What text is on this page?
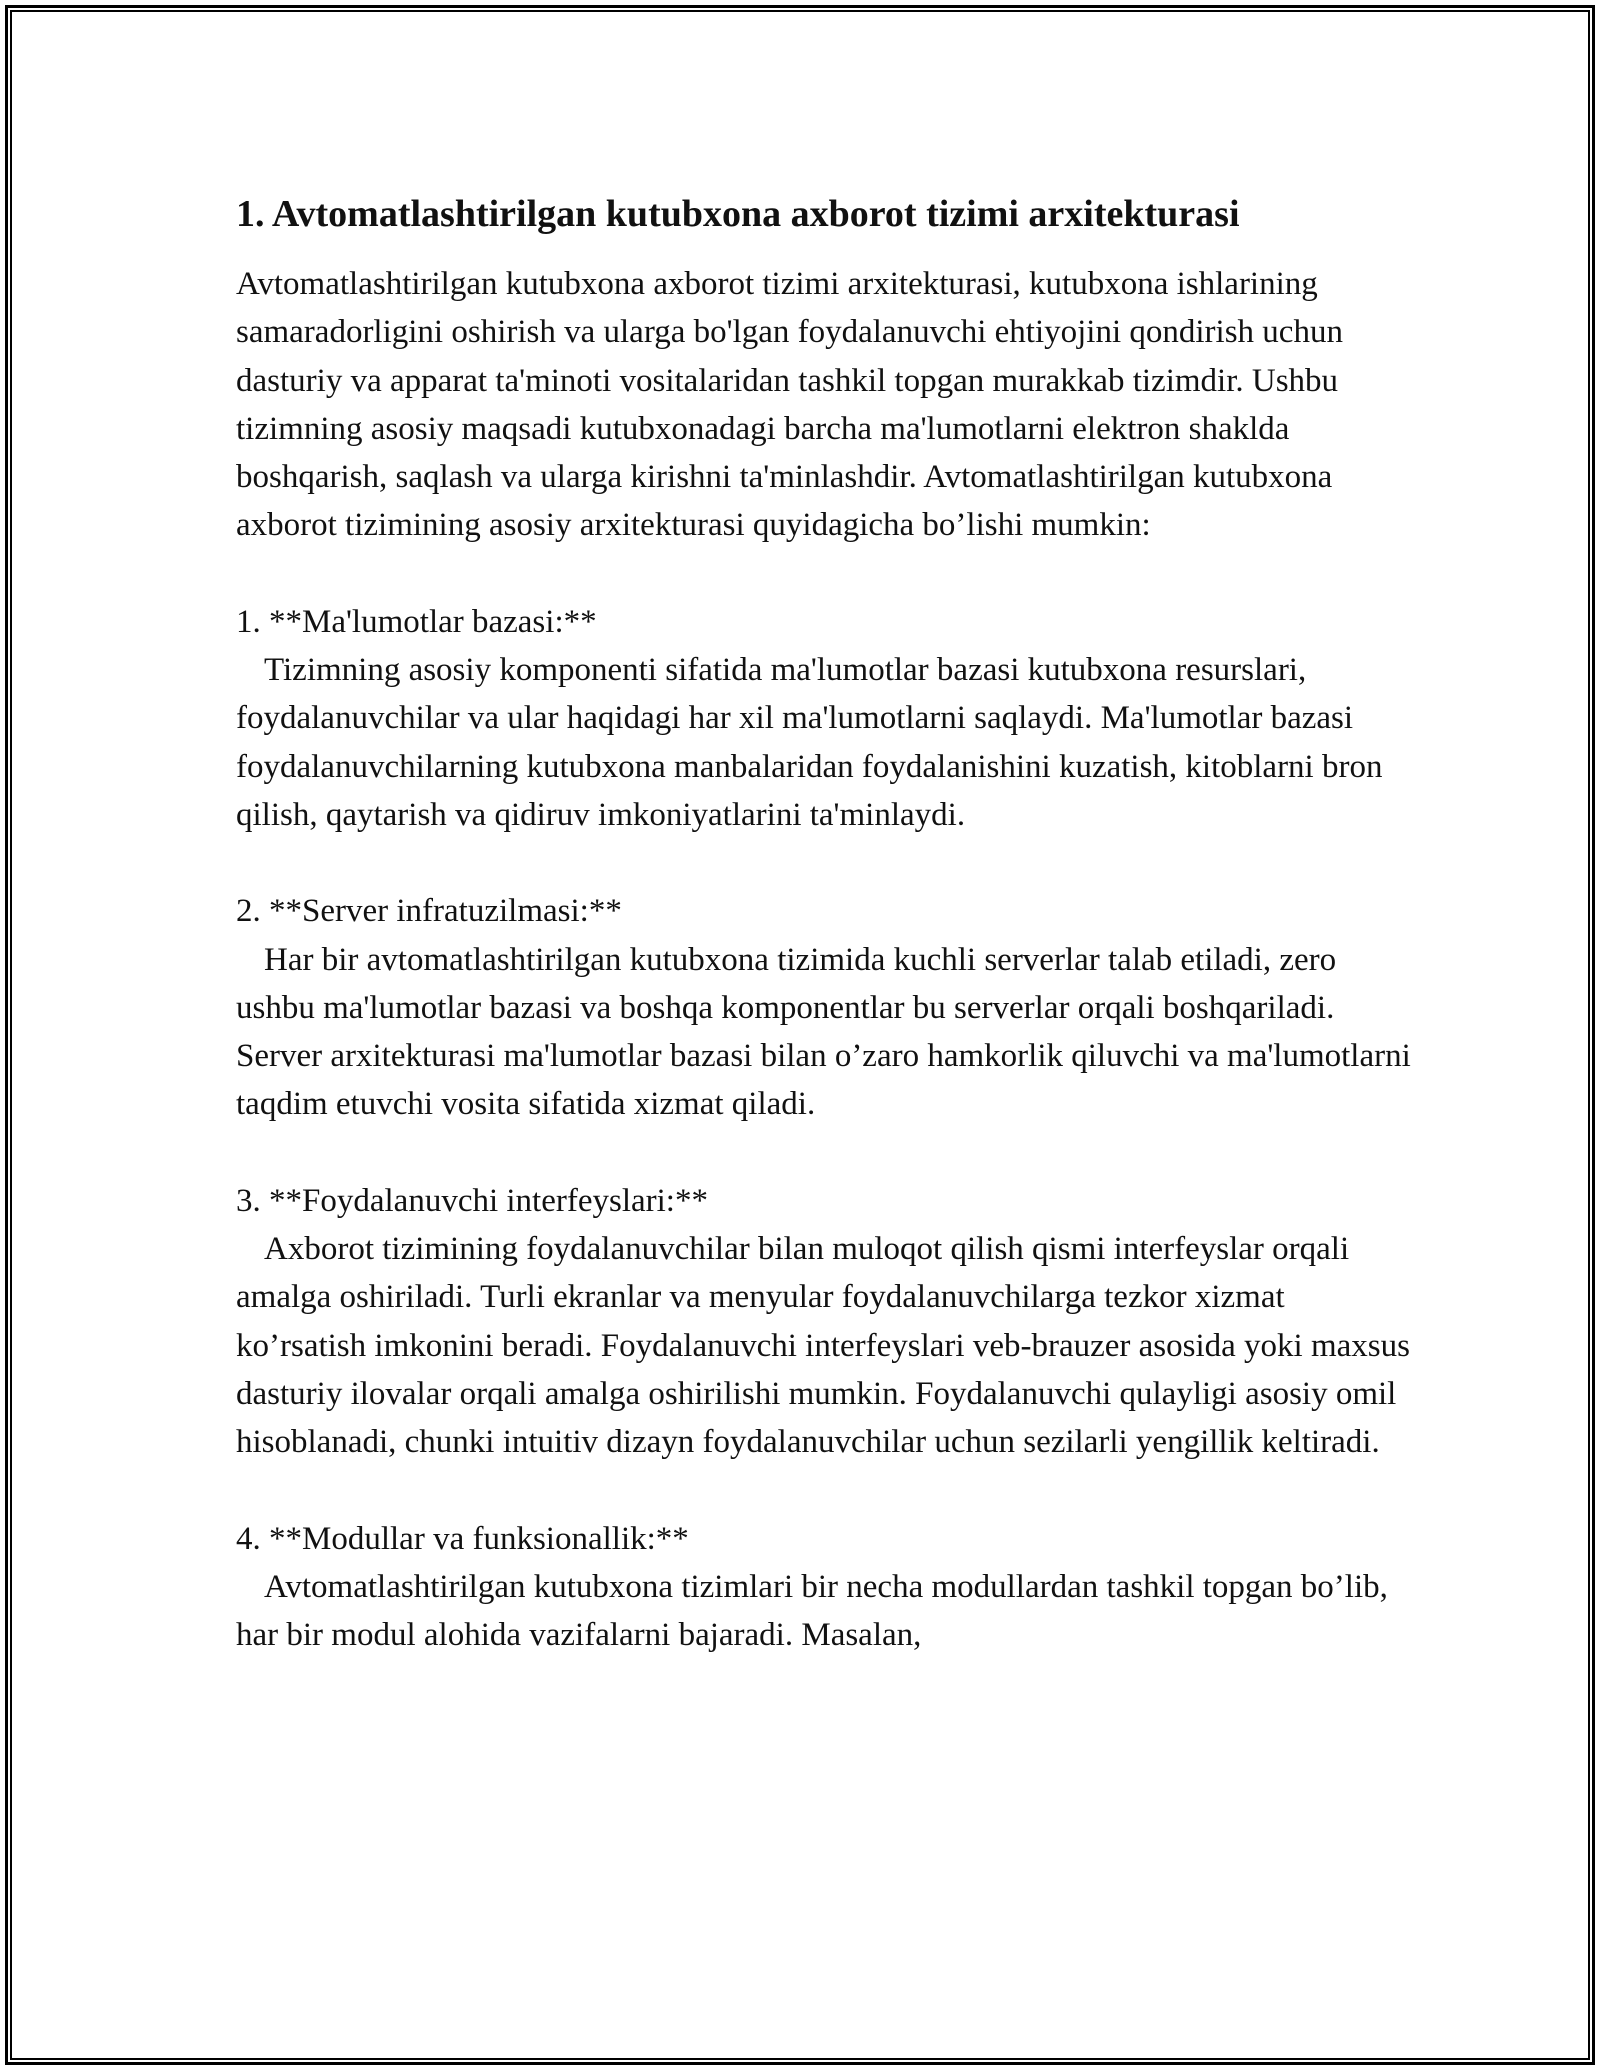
1. Avtomatlashtirilgan kutubxona axborot tizimi arxitekturasi

Avtomatlashtirilgan kutubxona axborot tizimi arxitekturasi, kutubxona ishlarining samaradorligini oshirish va ularga bo'lgan foydalanuvchi ehtiyojini qondirish uchun dasturiy va apparat ta'minoti vositalaridan tashkil topgan murakkab tizimdir. Ushbu tizimning asosiy maqsadi kutubxonadagi barcha ma'lumotlarni elektron shaklda boshqarish, saqlash va ularga kirishni ta'minlashdir. Avtomatlashtirilgan kutubxona axborot tizimining asosiy arxitekturasi quyidagicha bo’lishi mumkin:

1. **Ma'lumotlar bazasi:**

Tizimning asosiy komponenti sifatida ma'lumotlar bazasi kutubxona resurslari, foydalanuvchilar va ular haqidagi har xil ma'lumotlarni saqlaydi. Ma'lumotlar bazasi foydalanuvchilarning kutubxona manbalaridan foydalanishini kuzatish, kitoblarni bron qilish, qaytarish va qidiruv imkoniyatlarini ta'minlaydi.

2. **Server infratuzilmasi:**

Har bir avtomatlashtirilgan kutubxona tizimida kuchli serverlar talab etiladi, zero ushbu ma'lumotlar bazasi va boshqa komponentlar bu serverlar orqali boshqariladi. Server arxitekturasi ma'lumotlar bazasi bilan o’zaro hamkorlik qiluvchi va ma'lumotlarni taqdim etuvchi vosita sifatida xizmat qiladi.

3. **Foydalanuvchi interfeyslari:**

Axborot tizimining foydalanuvchilar bilan muloqot qilish qismi interfeyslar orqali amalga oshiriladi. Turli ekranlar va menyular foydalanuvchilarga tezkor xizmat ko’rsatish imkonini beradi. Foydalanuvchi interfeyslari veb-brauzer asosida yoki maxsus dasturiy ilovalar orqali amalga oshirilishi mumkin. Foydalanuvchi qulayligi asosiy omil hisoblanadi, chunki intuitiv dizayn foydalanuvchilar uchun sezilarli yengillik keltiradi.

4. **Modullar va funksionallik:**

Avtomatlashtirilgan kutubxona tizimlari bir necha modullardan tashkil topgan bo’lib, har bir modul alohida vazifalarni bajaradi. Masalan,
